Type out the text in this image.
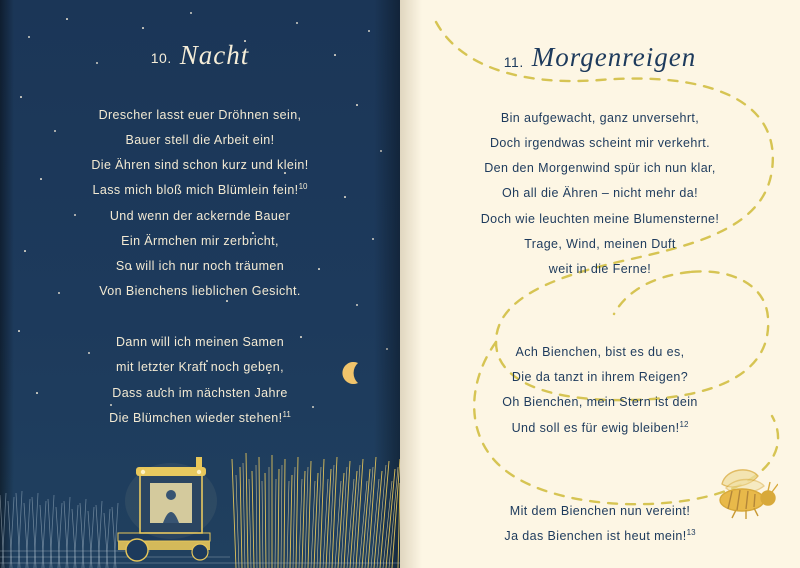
10. Nacht
Drescher lasst euer Dröhnen sein,
Bauer stell die Arbeit ein!
Die Ähren sind schon kurz und klein!
Lass mich bloß mich Blümlein fein!$^{10}$
Und wenn der ackernde Bauer
Ein Ärmchen mir zerbricht,
So will ich nur noch träumen
Von Bienchens lieblichen Gesicht.
Dann will ich meinen Samen
mit letzter Kraft noch geben,
Dass auch im nächsten Jahre
Die Blümchen wieder stehen!$^{11}$
11. Morgenreigen
Bin aufgewacht, ganz unversehrt,
Doch irgendwas scheint mir verkehrt.
Den den Morgenwind spür ich nun klar,
Oh all die Ähren – nicht mehr da!
Doch wie leuchten meine Blumensterne!
Trage, Wind, meinen Duft
weit in die Ferne!
Ach Bienchen, bist es du es,
Die da tanzt in ihrem Reigen?
Oh Bienchen, mein Stern ist dein
Und soll es für ewig bleiben!$^{12}$
Mit dem Bienchen nun vereint!
Ja das Bienchen ist heut mein!$^{13}$
